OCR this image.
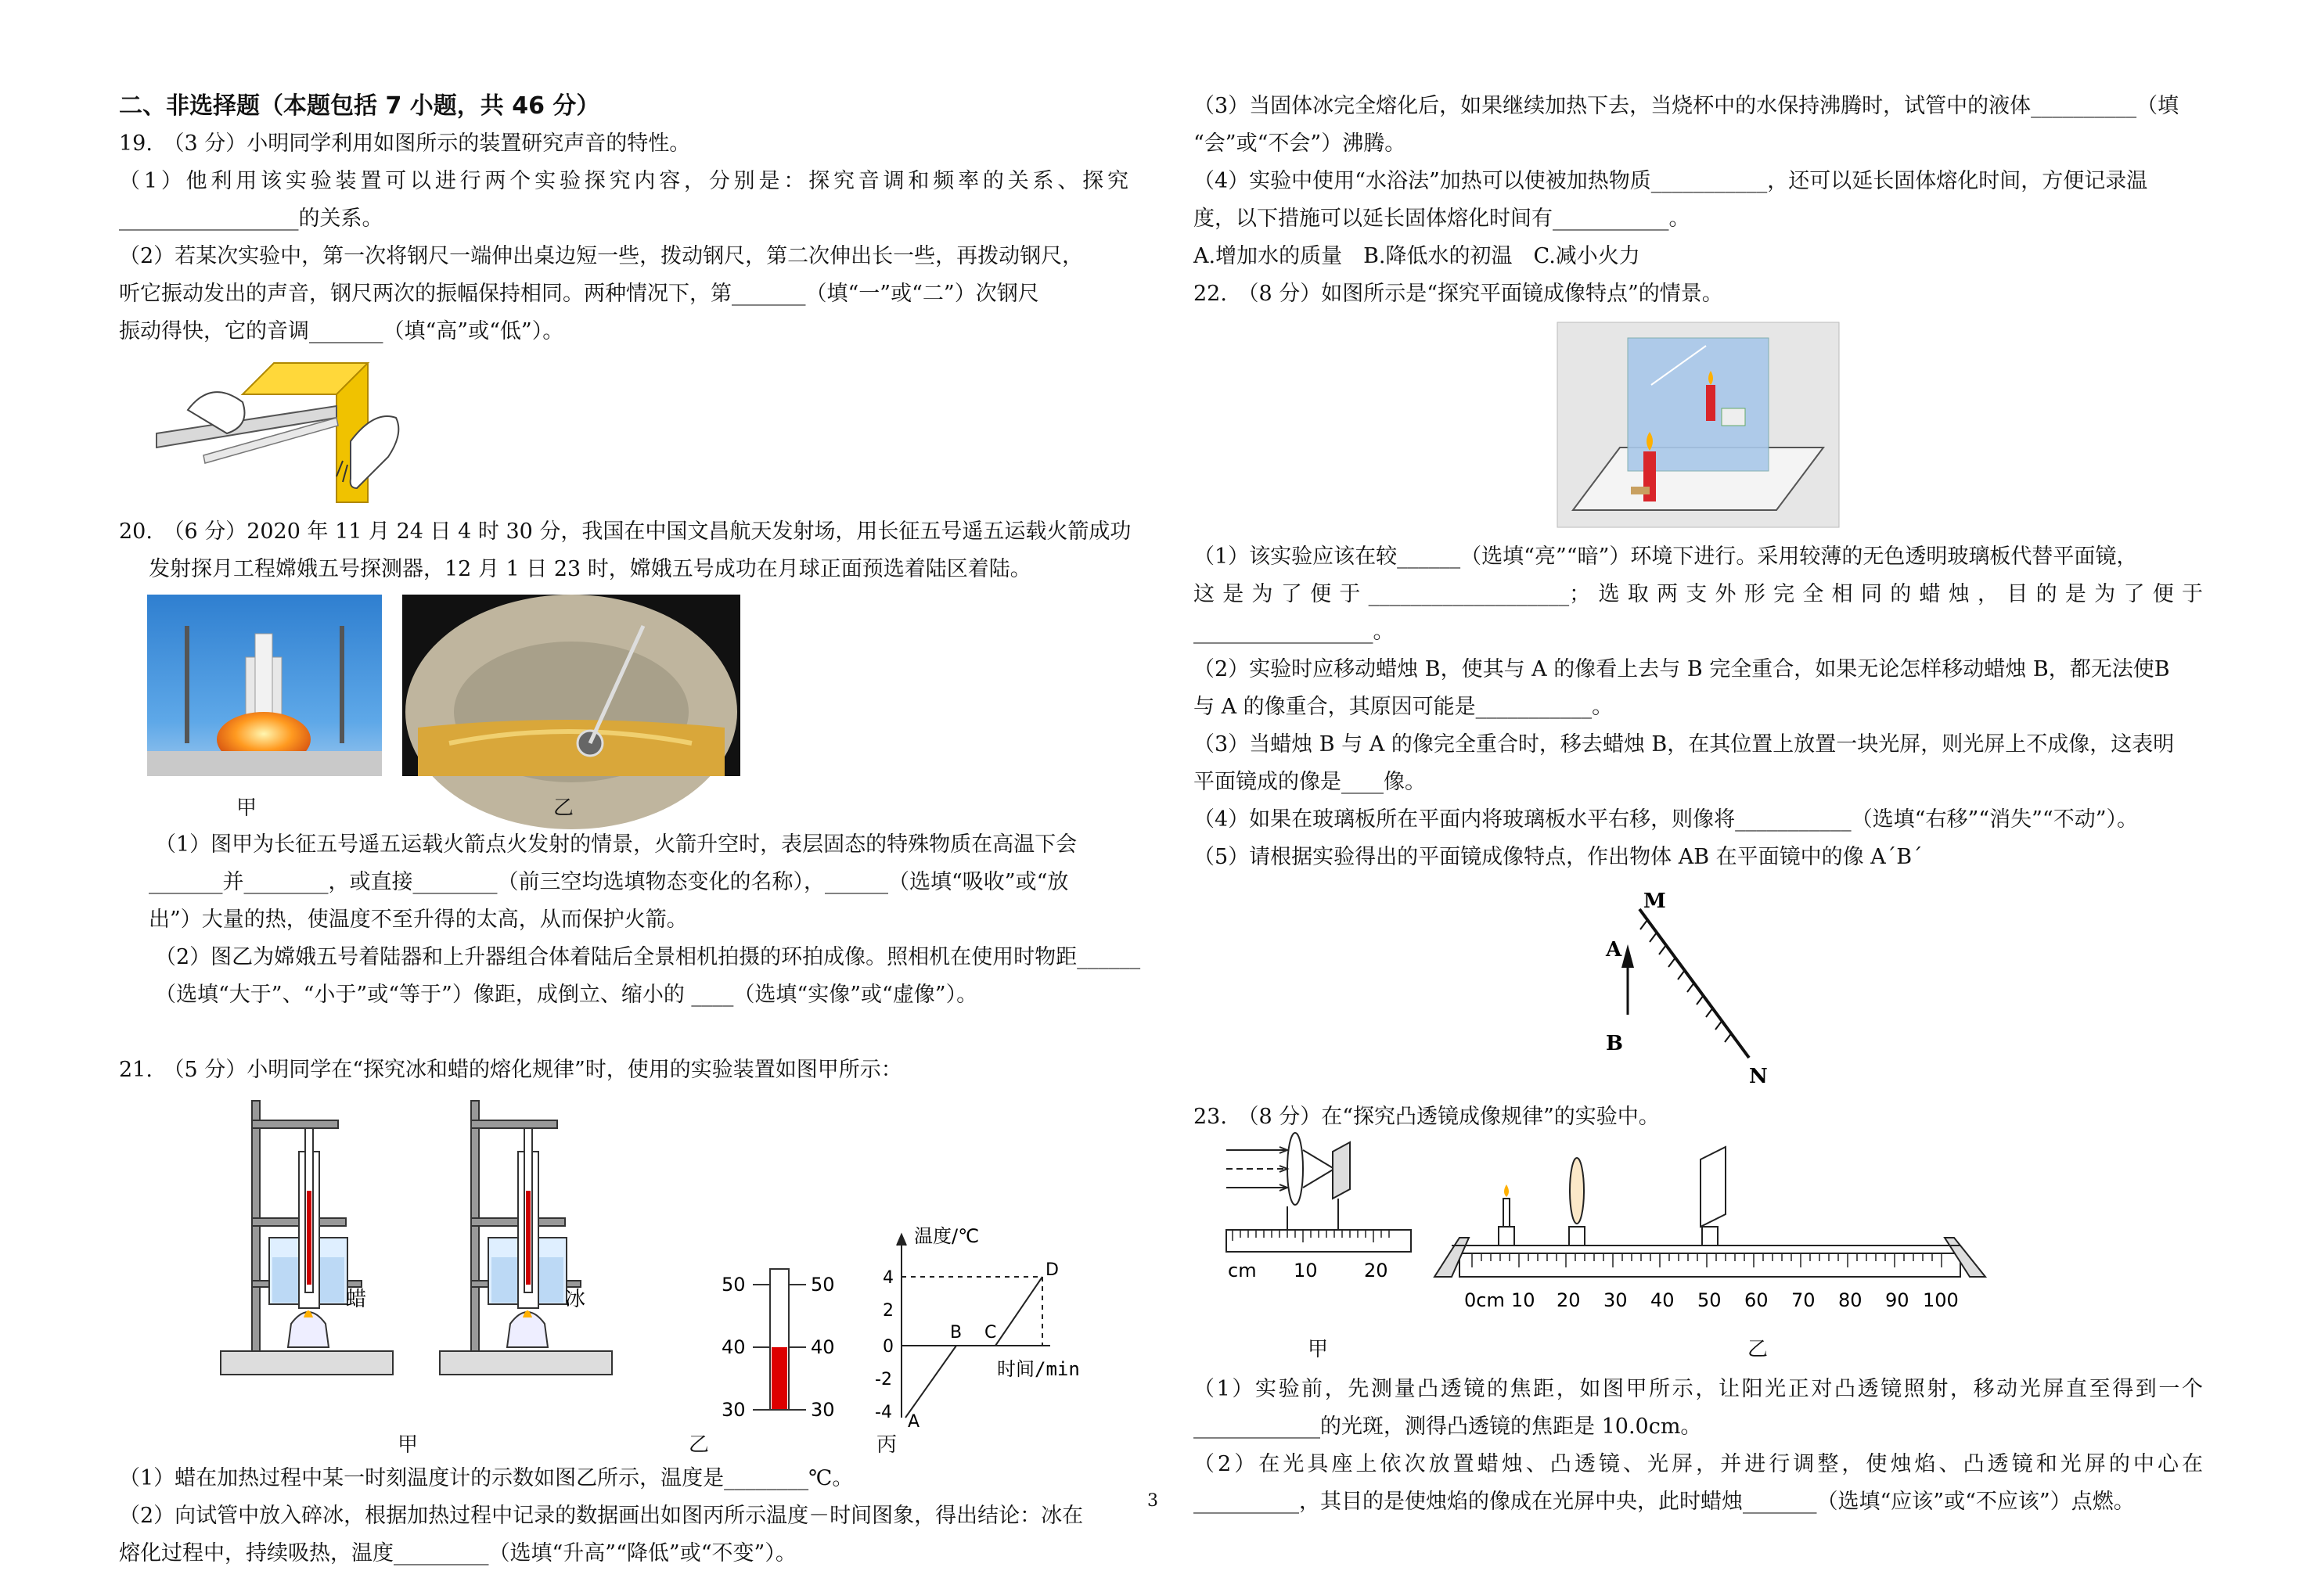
二、非选择题（本题包括 7 小题，共 46 分）
19.　（3 分）小明同学利用如图所示的装置研究声音的特性。
（1）他利用该实验装置可以进行两个实验探究内容，分别是：探究音调和频率的关系、探究
_________________的关系。
（2）若某次实验中，第一次将钢尺一端伸出桌边短一些，拨动钢尺，第二次伸出长一些，再拨动钢尺，
听它振动发出的声音，钢尺两次的振幅保持相同。两种情况下，第_______（填“一”或“二”）次钢尺
振动得快，它的音调_______（填“高”或“低”）。
20.　（6 分）2020 年 11 月 24 日 4 时 30 分，我国在中国文昌航天发射场，用长征五号遥五运载火箭成功
发射探月工程嫦娥五号探测器，12 月 1 日 23 时，嫦娥五号成功在月球正面预选着陆区着陆。
甲	乙
（1）图甲为长征五号遥五运载火箭点火发射的情景，火箭升空时，表层固态的特殊物质在高温下会
_______并________，或直接________（前三空均选填物态变化的名称），______（选填“吸收”或“放
出”）大量的热，使温度不至升得的太高，从而保护火箭。
（2）图乙为嫦娥五号着陆器和上升器组合体着陆后全景相机拍摄的环拍成像。照相机在使用时物距______
（选填“大于”、“小于”或“等于”）像距，成倒立、缩小的 ____（选填“实像”或“虚像”）。
21.　（5 分）小明同学在“探究冰和蜡的熔化规律”时，使用的实验装置如图甲所示：
蜡	冰
50	50
40	40
30	30
温度/℃
时间/min
4
2
0
-2
-4 A
B C
D
甲	乙	丙
（1）蜡在加热过程中某一时刻温度计的示数如图乙所示，温度是________℃。
（2）向试管中放入碎冰，根据加热过程中记录的数据画出如图丙所示温度－时间图象，得出结论：冰在
熔化过程中，持续吸热，温度_________（选填“升高”“降低”或“不变”）。
（3）当固体冰完全熔化后，如果继续加热下去，当烧杯中的水保持沸腾时，试管中的液体__________（填
“会”或“不会”）沸腾。
（4）实验中使用“水浴法”加热可以使被加热物质___________，还可以延长固体熔化时间，方便记录温
度，以下措施可以延长固体熔化时间有___________。
A.增加水的质量　B.降低水的初温　C.减小火力
22.　（8 分）如图所示是“探究平面镜成像特点”的情景。
（1）该实验应该在较______（选填“亮”“暗”）环境下进行。采用较薄的无色透明玻璃板代替平面镜，
这是为了便于___________________；选取两支外形完全相同的蜡烛，目的是为了便于
_________________。
（2）实验时应移动蜡烛 B，使其与 A 的像看上去与 B 完全重合，如果无论怎样移动蜡烛 B，都无法使B
与 A 的像重合，其原因可能是___________。
（3）当蜡烛 B 与 A 的像完全重合时，移去蜡烛 B，在其位置上放置一块光屏，则光屏上不成像，这表明
平面镜成的像是____像。
（4）如果在玻璃板所在平面内将玻璃板水平右移，则像将___________（选填“右移”“消失”“不动”）。
（5）请根据实验得出的平面镜成像特点，作出物体 AB 在平面镜中的像 A´B´
M
A
B
N
23.　（8 分）在“探究凸透镜成像规律”的实验中。
cm 10 20
0cm 10 20 30 40 50 60 70 80 90 100
甲	乙
（1）实验前，先测量凸透镜的焦距，如图甲所示，让阳光正对凸透镜照射，移动光屏直至得到一个
____________的光斑，测得凸透镜的焦距是 10.0cm。
（2）在光具座上依次放置蜡烛、凸透镜、光屏，并进行调整，使烛焰、凸透镜和光屏的中心在
__________，其目的是使烛焰的像成在光屏中央，此时蜡烛_______（选填“应该”或“不应该”）点燃。
3
